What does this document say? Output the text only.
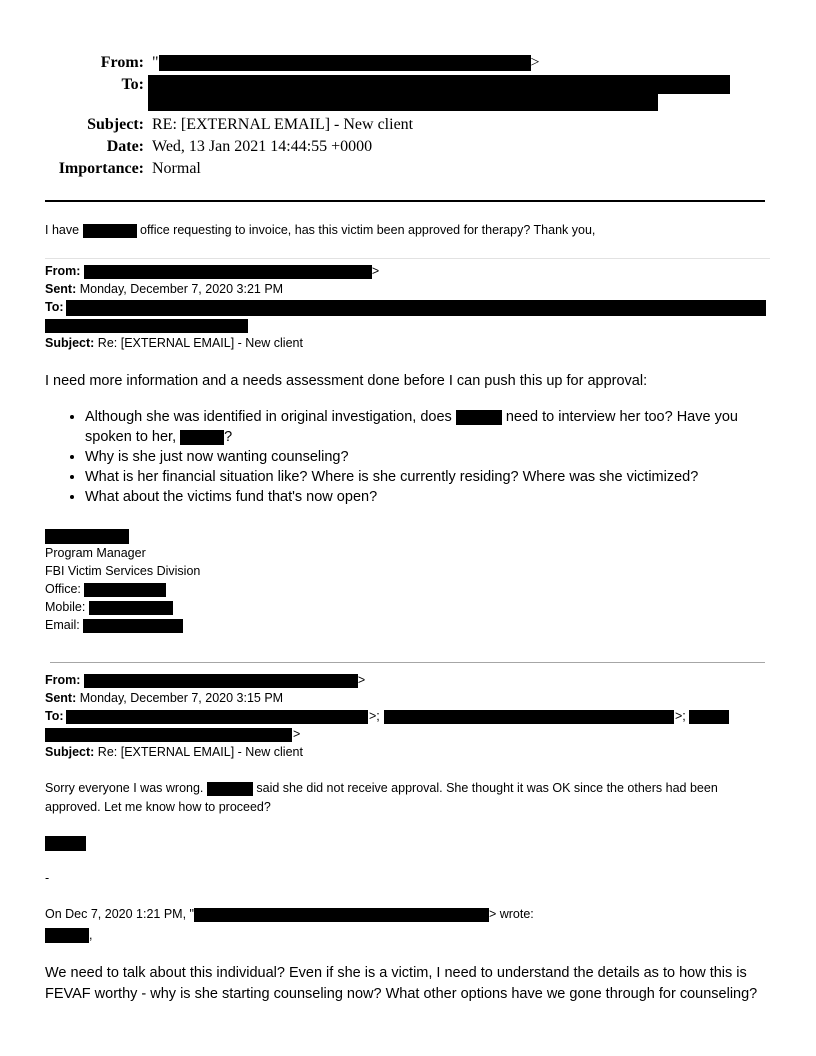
From: "	>
To:
Subject: RE: [EXTERNAL EMAIL] - New client
Date: Wed, 13 Jan 2021 14:44:55 +0000
Importance: Normal
I have	office requesting to invoice, has this victim been approved for therapy? Thank you,
From:	>
Sent: Monday, December 7, 2020 3:21 PM
To:
Subject: Re: [EXTERNAL EMAIL] - New client
I need more information and a needs assessment done before I can push this up for approval:
• Although she was identified in original investigation, does	need to interview her too? Have you
spoken to her,	?
• Why is she just now wanting counseling?
• What is her financial situation like? Where is she currently residing? Where was she victimized?
• What about the victims fund that's now open?
Program Manager
FBI Victim Services Division
Office:
Mobile:
Email:
From:	>
Sent: Monday, December 7, 2020 3:15 PM
To:	>;	>;
>
Subject: Re: [EXTERNAL EMAIL] - New client
Sorry everyone I was wrong.	said she did not receive approval. She thought it was OK since the others had been
approved. Let me know how to proceed?
-
On Dec 7, 2020 1:21 PM, "	> wrote:
,
We need to talk about this individual? Even if she is a victim, I need to understand the details as to how this is
FEVAF worthy - why is she starting counseling now? What other options have we gone through for counseling?
